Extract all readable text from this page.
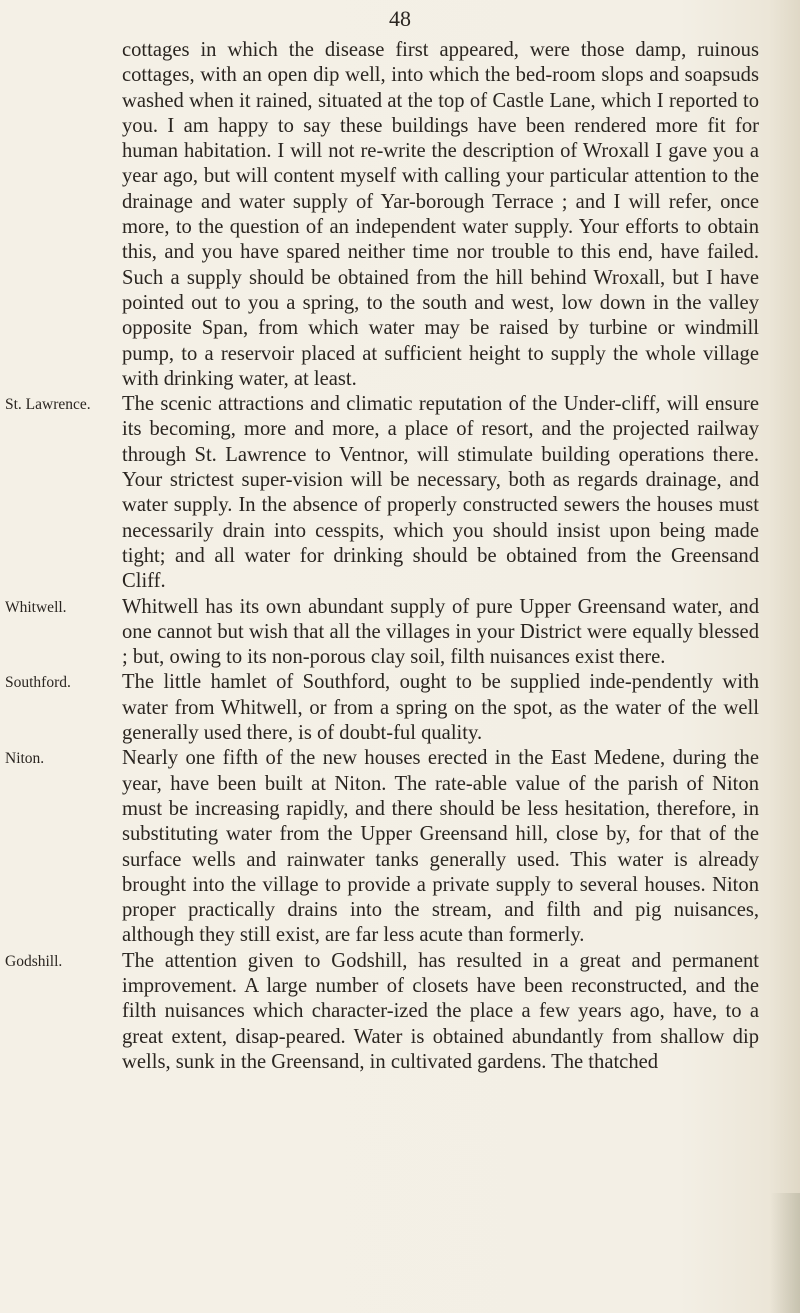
48

cottages in which the disease first appeared, were those damp, ruinous cottages, with an open dip well, into which the bed-room slops and soapsuds washed when it rained, situated at the top of Castle Lane, which I reported to you. I am happy to say these buildings have been rendered more fit for human habitation. I will not re-write the description of Wroxall I gave you a year ago, but will content myself with calling your particular attention to the drainage and water supply of Yar-borough Terrace ; and I will refer, once more, to the question of an independent water supply. Your efforts to obtain this, and you have spared neither time nor trouble to this end, have failed. Such a supply should be obtained from the hill behind Wroxall, but I have pointed out to you a spring, to the south and west, low down in the valley opposite Span, from which water may be raised by turbine or windmill pump, to a reservoir placed at sufficient height to supply the whole village with drinking water, at least.

St. Lawrence.	The scenic attractions and climatic reputation of the Under-cliff, will ensure its becoming, more and more, a place of resort, and the projected railway through St. Lawrence to Ventnor, will stimulate building operations there. Your strictest super-vision will be necessary, both as regards drainage, and water supply. In the absence of properly constructed sewers the houses must necessarily drain into cesspits, which you should insist upon being made tight; and all water for drinking should be obtained from the Greensand Cliff.

Whitwell.	Whitwell has its own abundant supply of pure Upper Greensand water, and one cannot but wish that all the villages in your District were equally blessed ; but, owing to its non-porous clay soil, filth nuisances exist there.

Southford.	The little hamlet of Southford, ought to be supplied inde-pendently with water from Whitwell, or from a spring on the spot, as the water of the well generally used there, is of doubt-ful quality.

Niton.	Nearly one fifth of the new houses erected in the East Medene, during the year, have been built at Niton. The rate-able value of the parish of Niton must be increasing rapidly, and there should be less hesitation, therefore, in substituting water from the Upper Greensand hill, close by, for that of the surface wells and rainwater tanks generally used. This water is already brought into the village to provide a private supply to several houses. Niton proper practically drains into the stream, and filth and pig nuisances, although they still exist, are far less acute than formerly.

Godshill.	The attention given to Godshill, has resulted in a great and permanent improvement. A large number of closets have been reconstructed, and the filth nuisances which character-ized the place a few years ago, have, to a great extent, disap-peared. Water is obtained abundantly from shallow dip wells, sunk in the Greensand, in cultivated gardens. The thatched
